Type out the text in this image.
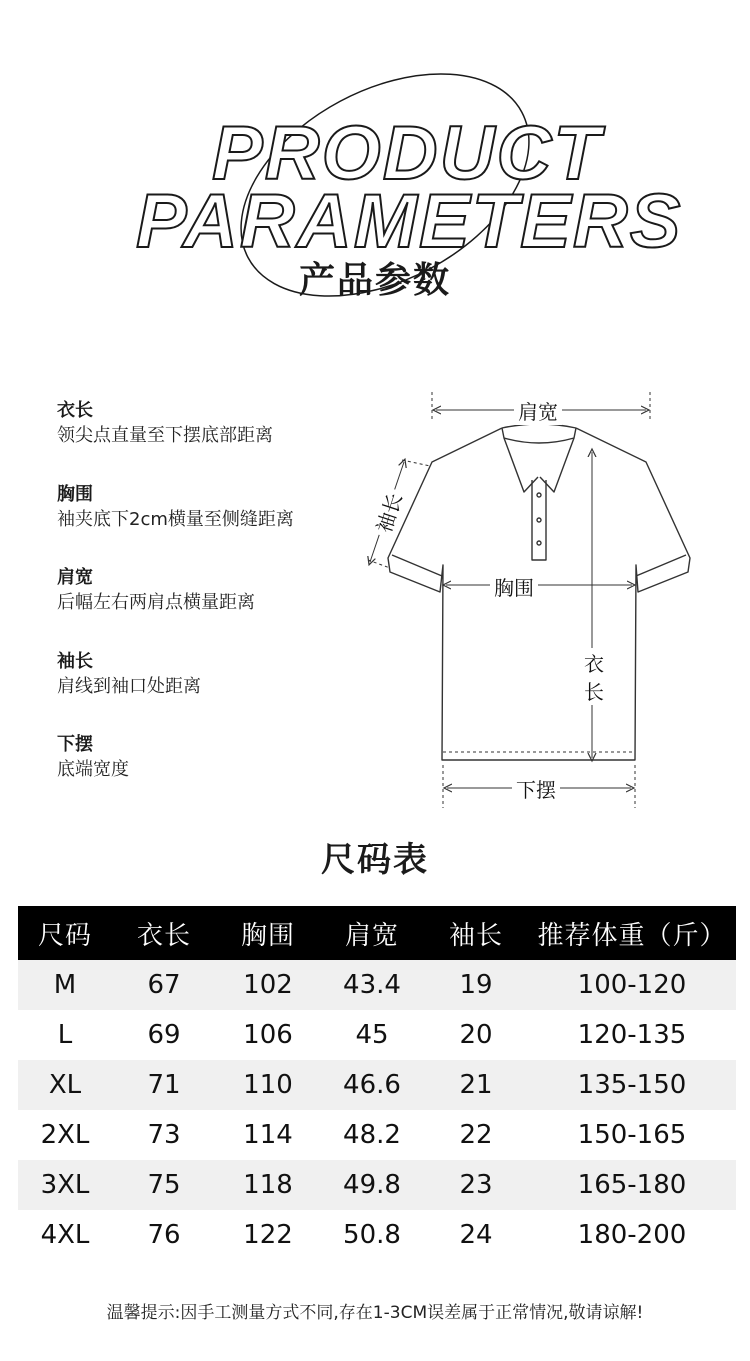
PRODUCT
PARAMETERS
产品参数
衣长
领尖点直量至下摆底部距离
胸围
袖夹底下2cm横量至侧缝距离
肩宽
后幅左右两肩点横量距离
袖长
肩线到袖口处距离
下摆
底端宽度
肩宽
袖长
胸围
衣
长
下摆
尺码表
尺码	衣长	胸围	肩宽	袖长	推荐体重（斤）
M	67	102	43.4	19	100-120
L	69	106	45	20	120-135
XL	71	110	46.6	21	135-150
2XL	73	114	48.2	22	150-165
3XL	75	118	49.8	23	165-180
4XL	76	122	50.8	24	180-200
温馨提示:因手工测量方式不同,存在1-3CM误差属于正常情况,敬请谅解!
